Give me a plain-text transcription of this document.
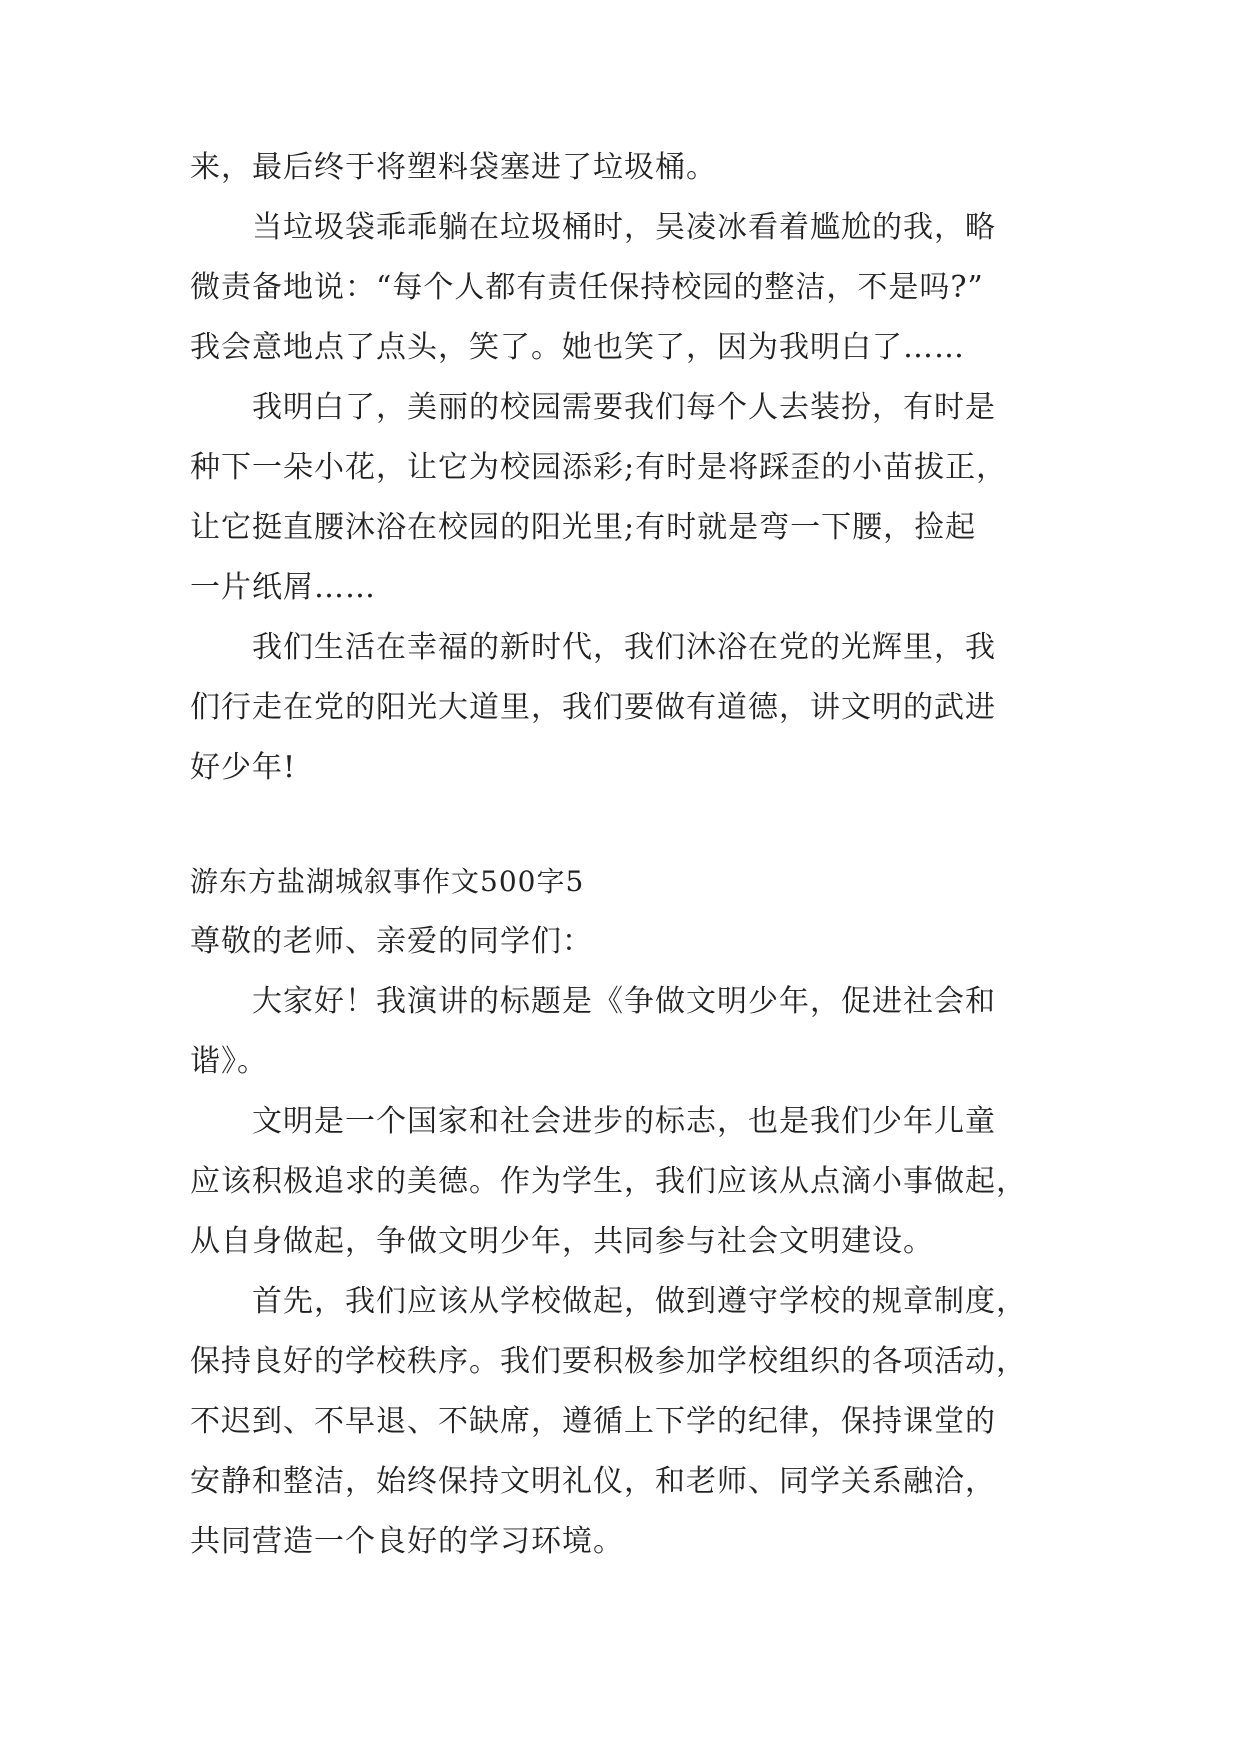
来，最后终于将塑料袋塞进了垃圾桶。
当垃圾袋乖乖躺在垃圾桶时，吴凌冰看着尴尬的我，略
微责备地说：“每个人都有责任保持校园的整洁，不是吗?”
我会意地点了点头，笑了。她也笑了，因为我明白了……
我明白了，美丽的校园需要我们每个人去装扮，有时是
种下一朵小花，让它为校园添彩;有时是将踩歪的小苗拔正，
让它挺直腰沐浴在校园的阳光里;有时就是弯一下腰，捡起
一片纸屑……
我们生活在幸福的新时代，我们沐浴在党的光辉里，我
们行走在党的阳光大道里，我们要做有道德，讲文明的武进
好少年!
游东方盐湖城叙事作文500字5
尊敬的老师、亲爱的同学们：
大家好！我演讲的标题是《争做文明少年，促进社会和
谐》。
文明是一个国家和社会进步的标志，也是我们少年儿童
应该积极追求的美德。作为学生，我们应该从点滴小事做起，
从自身做起，争做文明少年，共同参与社会文明建设。
首先，我们应该从学校做起，做到遵守学校的规章制度，
保持良好的学校秩序。我们要积极参加学校组织的各项活动，
不迟到、不早退、不缺席，遵循上下学的纪律，保持课堂的
安静和整洁，始终保持文明礼仪，和老师、同学关系融洽，
共同营造一个良好的学习环境。
